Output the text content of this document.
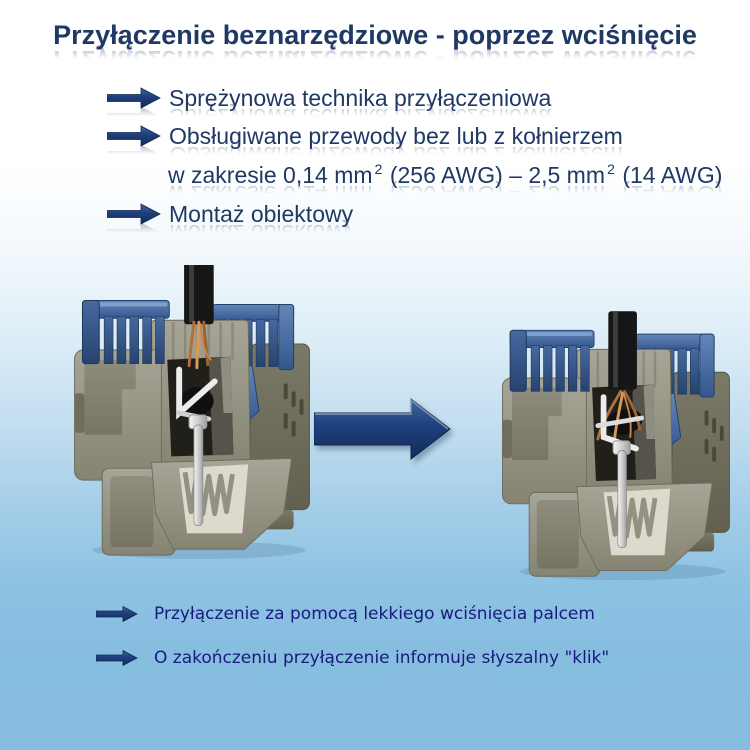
Przyłączenie beznarzędziowe - poprzez wciśnięcie
Sprężynowa technika przyłączeniowa
Obsługiwane przewody bez lub z kołnierzem
w zakresie 0,14 mm $^2$ (256 AWG) – 2,5 mm $^2$ (14 AWG)
Montaż obiektowy
Przyłączenie za pomocą lekkiego wciśnięcia palcem
O zakończeniu przyłączenie informuje słyszalny "klik"
